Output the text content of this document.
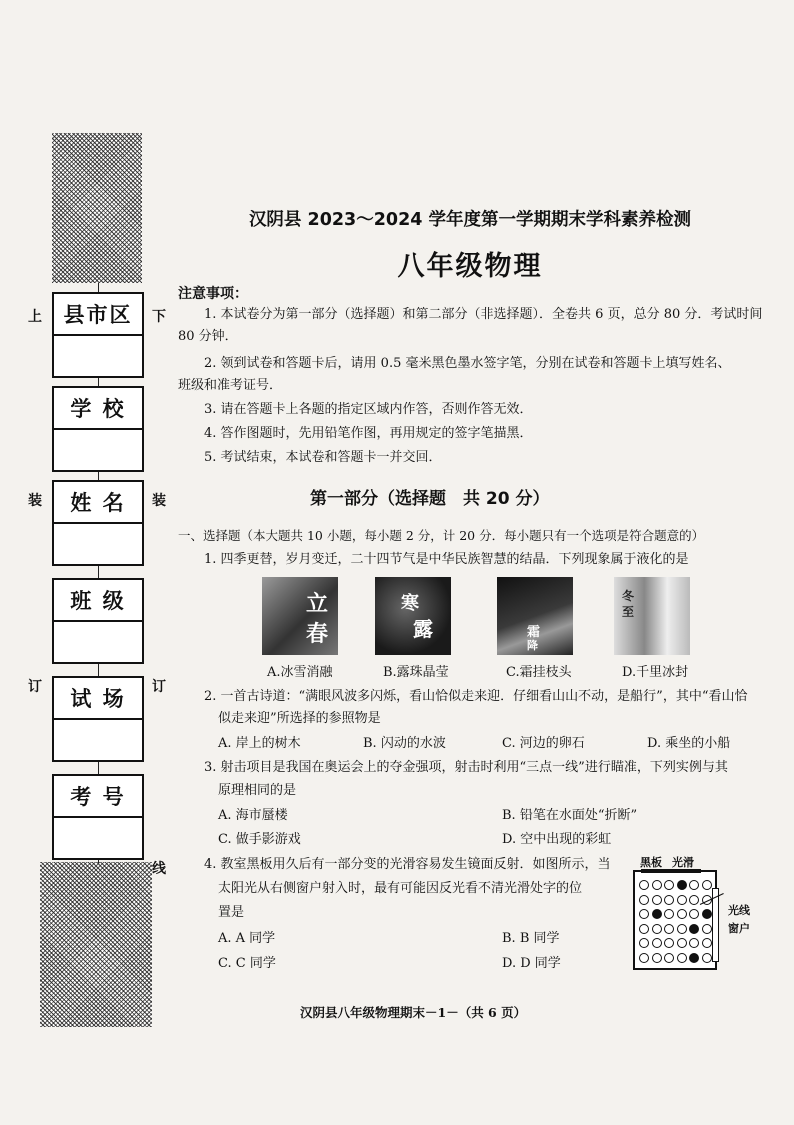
上	下
装	装
订	订
线
县市区
学 校
姓 名
班 级
试 场
考 号
汉阴县 2023～2024 学年度第一学期期末学科素养检测
八年级物理
注意事项：
1. 本试卷分为第一部分（选择题）和第二部分（非选择题）．全卷共 6 页，总分 80 分．考试时间
80 分钟．
2. 领到试卷和答题卡后，请用 0.5 毫米黑色墨水签字笔，分别在试卷和答题卡上填写姓名、
班级和准考证号．
3. 请在答题卡上各题的指定区域内作答，否则作答无效．
4. 答作图题时，先用铅笔作图，再用规定的签字笔描黑．
5. 考试结束，本试卷和答题卡一并交回．
第一部分（选择题　共 20 分）
一、选择题（本大题共 10 小题，每小题 2 分，计 20 分．每小题只有一个选项是符合题意的）
1. 四季更替，岁月变迁，二十四节气是中华民族智慧的结晶．下列现象属于液化的是
立
春
寒
露	霜
降
冬
至
A.冰雪消融	B.露珠晶莹	C.霜挂枝头	D.千里冰封
2. 一首古诗道：“满眼风波多闪烁，看山恰似走来迎．仔细看山山不动，是船行”，其中“看山恰
似走来迎”所选择的参照物是
A. 岸上的树木	B. 闪动的水波	C. 河边的卵石	D. 乘坐的小船
3. 射击项目是我国在奥运会上的夺金强项，射击时利用“三点一线”进行瞄准，下列实例与其
原理相同的是
A. 海市蜃楼	B. 铅笔在水面处“折断”
C. 做手影游戏	D. 空中出现的彩虹
4. 教室黑板用久后有一部分变的光滑容易发生镜面反射．如图所示，当
太阳光从右侧窗户射入时，最有可能因反光看不清光滑处字的位
置是
A. A 同学	B. B 同学
C. C 同学	D. D 同学
黑板 光滑
光线
窗户
汉阴县八年级物理期末－1－（共 6 页）
